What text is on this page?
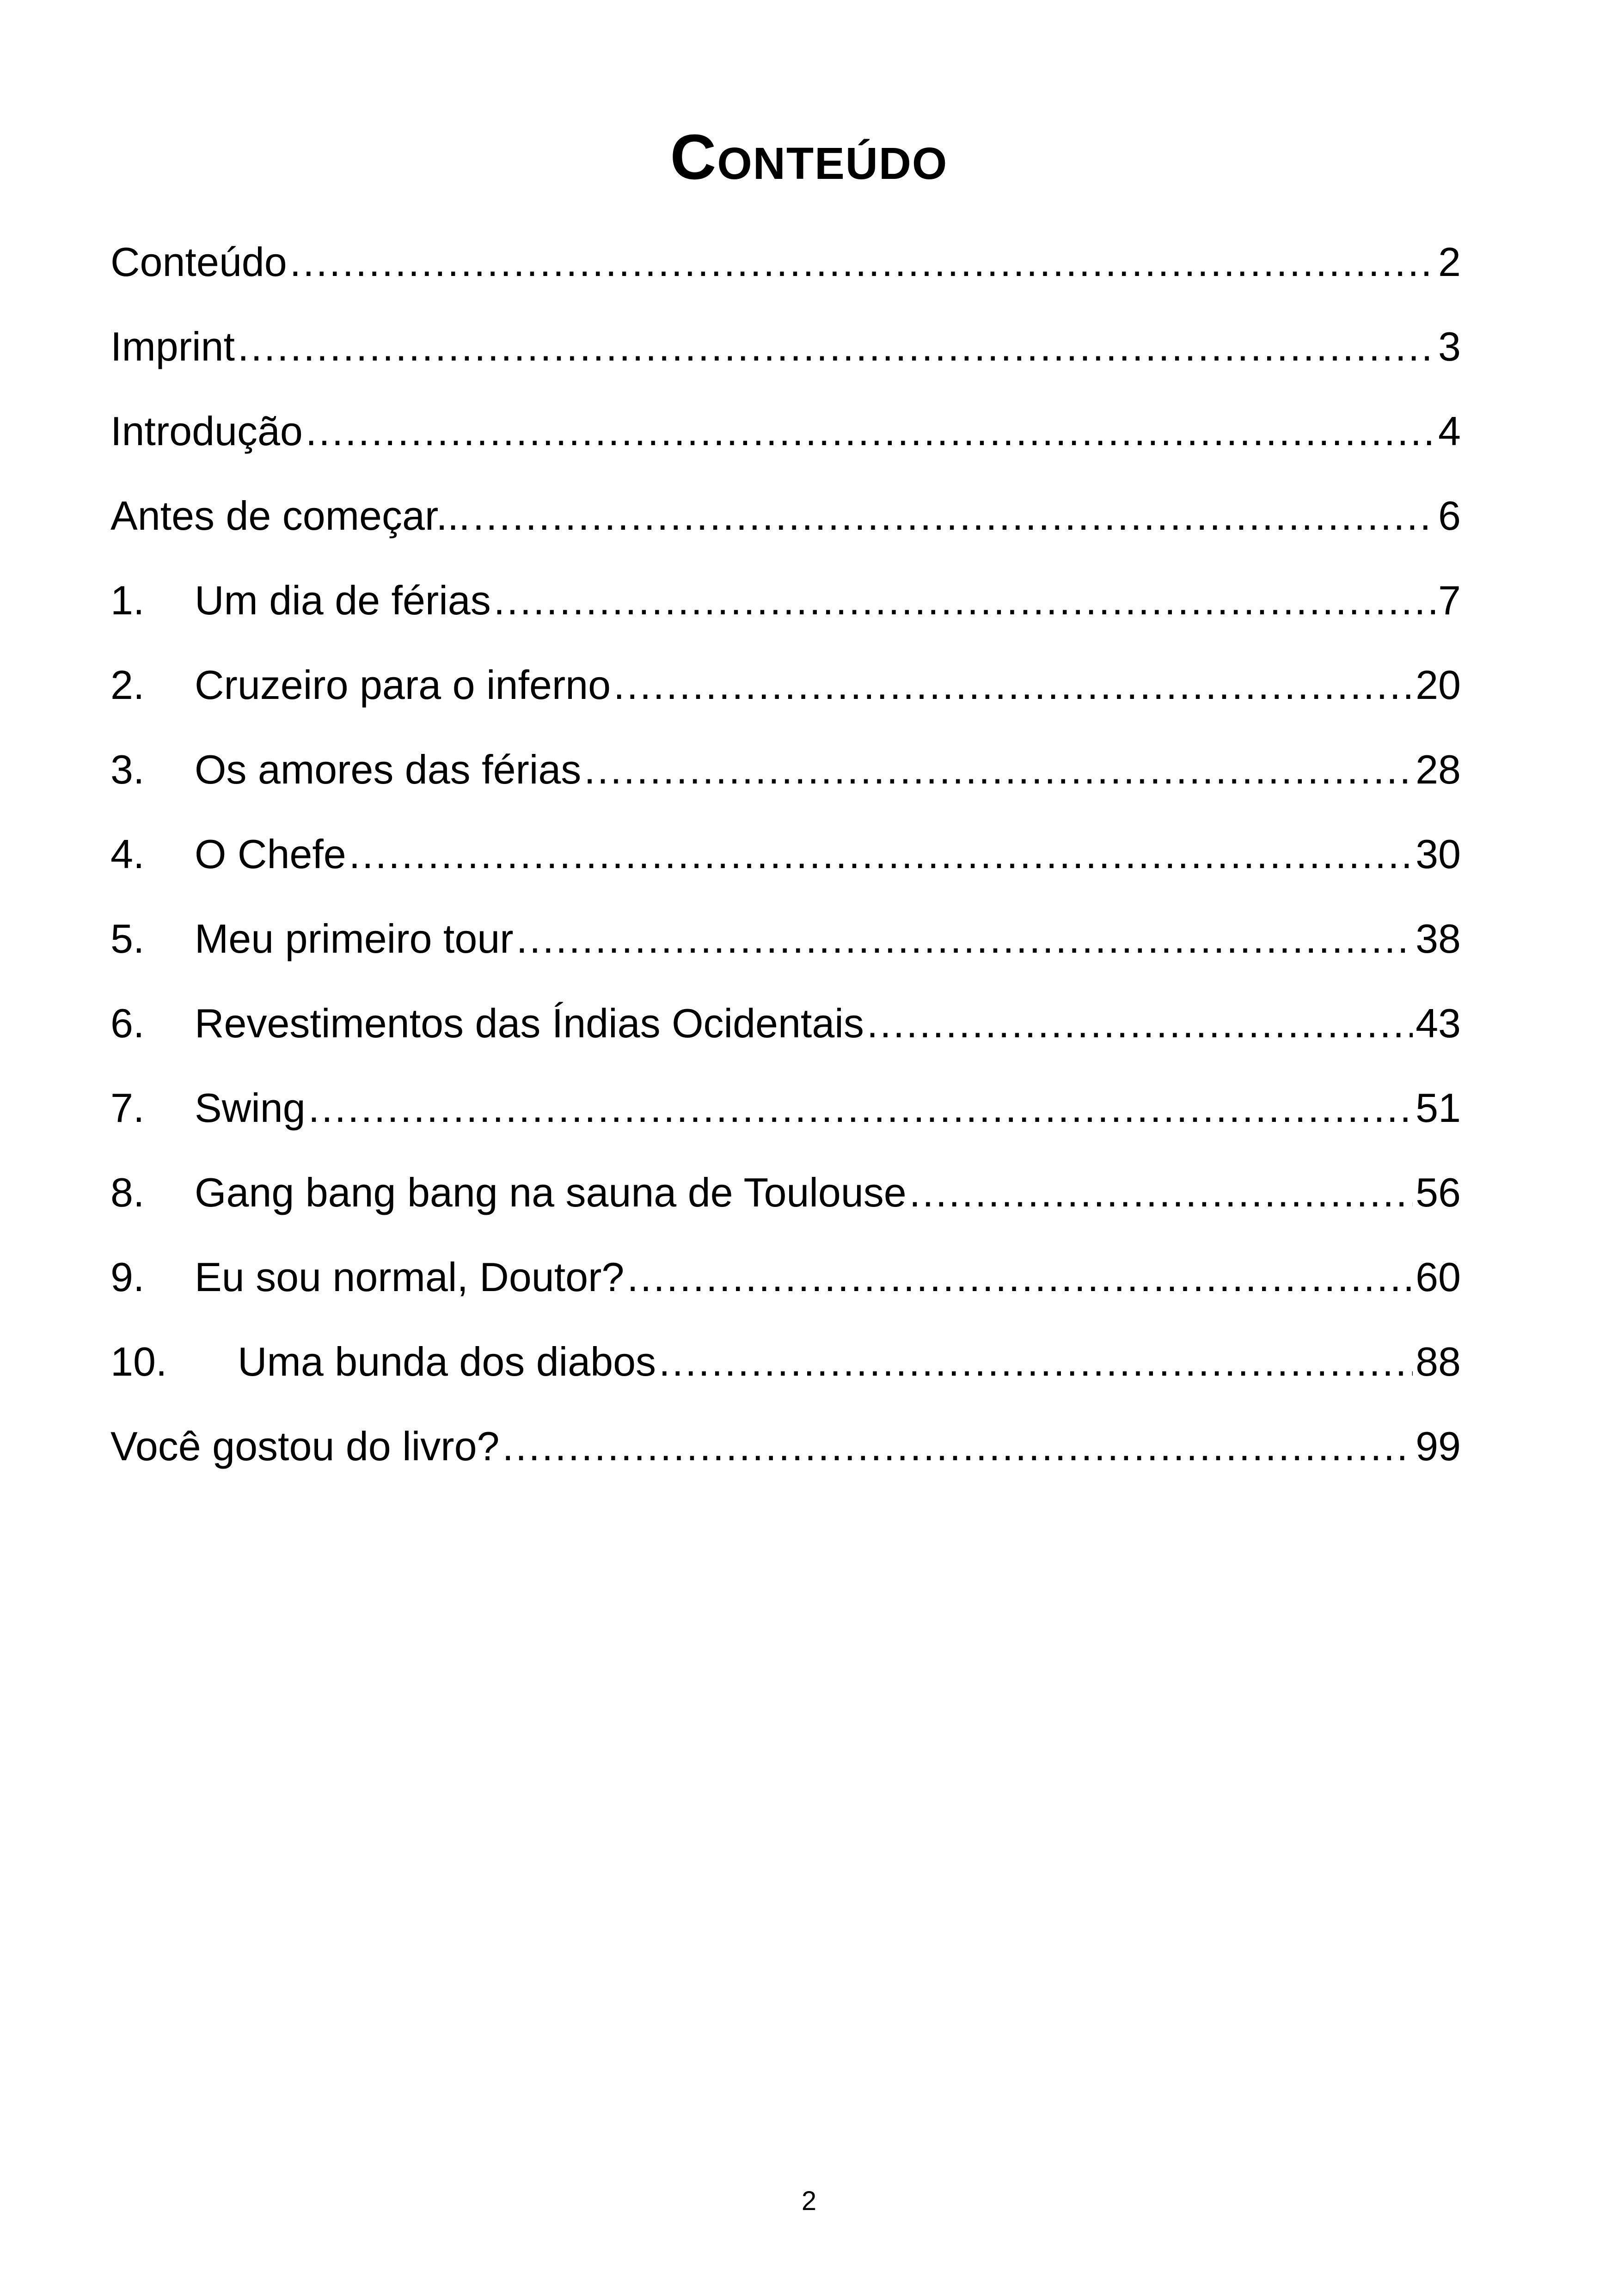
Conteúdo
Conteúdo .....	2
Imprint .....	3
Introdução .....	4
Antes de começar... .....	6
1.	Um dia de férias .....	7
2.	Cruzeiro para o inferno .....	20
3.	Os amores das férias .....	28
4.	O Chefe .....	30
5.	Meu primeiro tour .....	38
6.	Revestimentos das Índias Ocidentais .....	43
7.	Swing .....	51
8.	Gang bang bang na sauna de Toulouse .....	56
9.	Eu sou normal, Doutor? .....	60
10.	Uma bunda dos diabos .....	88
Você gostou do livro? .....	99
2
